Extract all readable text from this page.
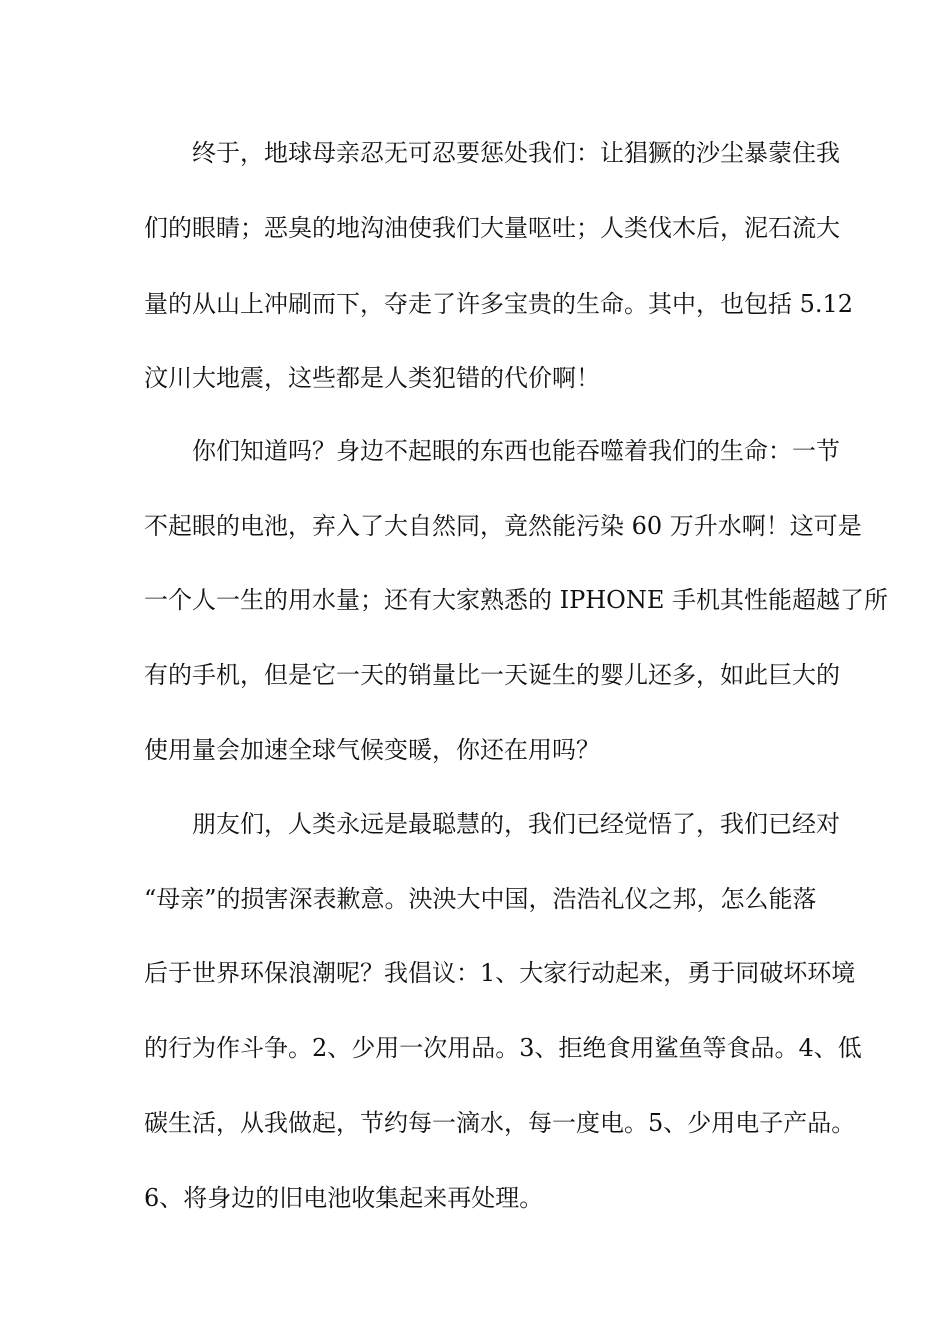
终于，地球母亲忍无可忍要惩处我们：让猖獗的沙尘暴蒙住我
们的眼睛；恶臭的地沟油使我们大量呕吐；人类伐木后，泥石流大
量的从山上冲刷而下，夺走了许多宝贵的生命。其中，也包括 5.12
汶川大地震，这些都是人类犯错的代价啊！
你们知道吗？身边不起眼的东西也能吞噬着我们的生命：一节
不起眼的电池，弃入了大自然同，竟然能污染 60 万升水啊！这可是
一个人一生的用水量；还有大家熟悉的 IPHONE 手机其性能超越了所
有的手机，但是它一天的销量比一天诞生的婴儿还多，如此巨大的
使用量会加速全球气候变暖，你还在用吗？
朋友们，人类永远是最聪慧的，我们已经觉悟了，我们已经对
“母亲”的损害深表歉意。泱泱大中国，浩浩礼仪之邦，怎么能落
后于世界环保浪潮呢？我倡议：1、大家行动起来，勇于同破坏环境
的行为作斗争。2、少用一次用品。3、拒绝食用鲨鱼等食品。4、低
碳生活，从我做起，节约每一滴水，每一度电。5、少用电子产品。
6、将身边的旧电池收集起来再处理。
